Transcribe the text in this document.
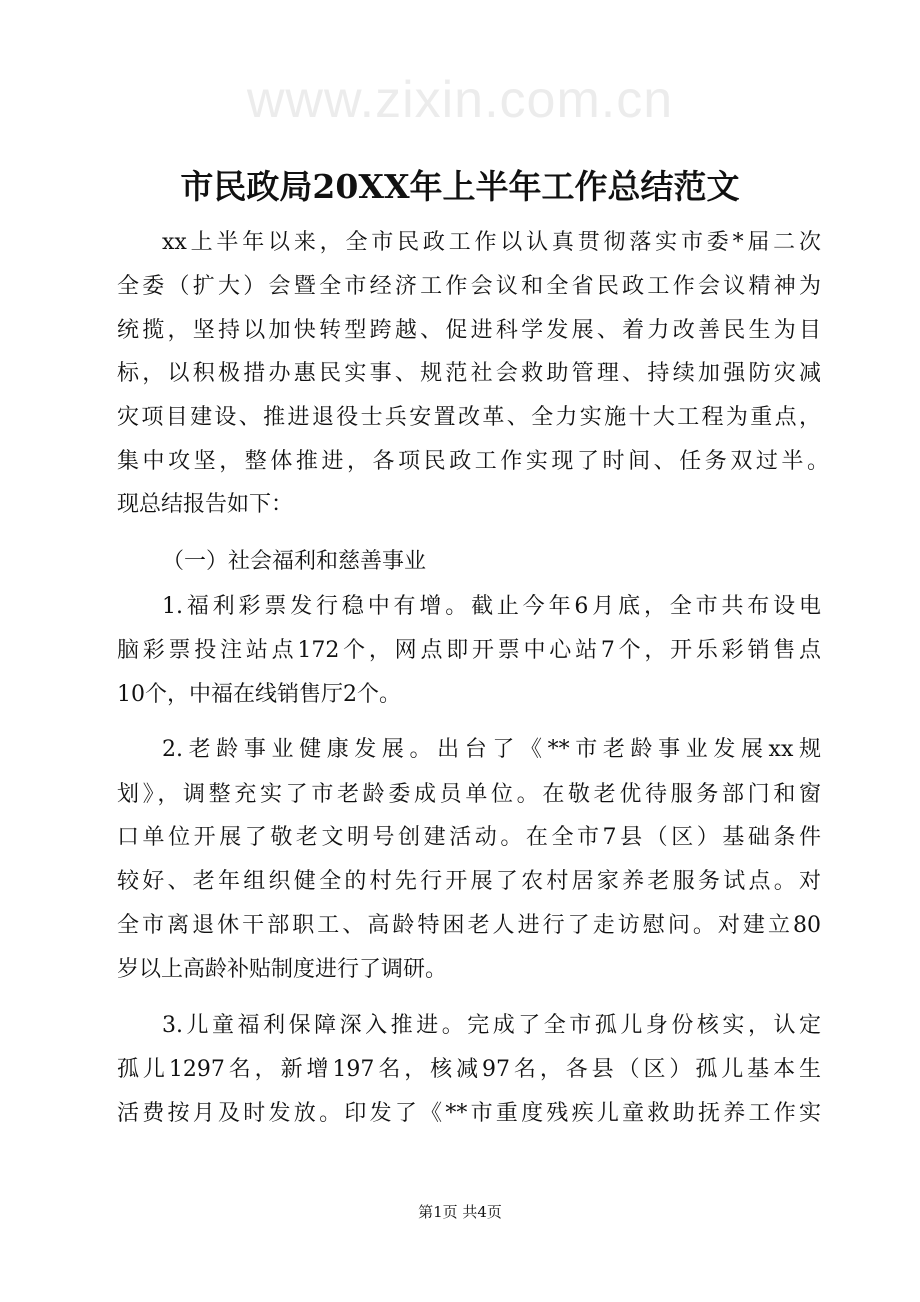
www.zixin.com.cn
市民政局20XX年上半年工作总结范文
xx上半年以来，全市民政工作以认真贯彻落实市委*届二次
全委（扩大）会暨全市经济工作会议和全省民政工作会议精神为
统揽，坚持以加快转型跨越、促进科学发展、着力改善民生为目
标，以积极措办惠民实事、规范社会救助管理、持续加强防灾减
灾项目建设、推进退役士兵安置改革、全力实施十大工程为重点，
集中攻坚，整体推进，各项民政工作实现了时间、任务双过半。
现总结报告如下：
（一）社会福利和慈善事业
1.福利彩票发行稳中有增。截止今年6月底，全市共布设电
脑彩票投注站点172个，网点即开票中心站7个，开乐彩销售点
10个，中福在线销售厅2个。
2.老龄事业健康发展。出台了《**市老龄事业发展xx规
划》，调整充实了市老龄委成员单位。在敬老优待服务部门和窗
口单位开展了敬老文明号创建活动。在全市7县（区）基础条件
较好、老年组织健全的村先行开展了农村居家养老服务试点。对
全市离退休干部职工、高龄特困老人进行了走访慰问。对建立80
岁以上高龄补贴制度进行了调研。
3.儿童福利保障深入推进。完成了全市孤儿身份核实，认定
孤儿1297名，新增197名，核减97名，各县（区）孤儿基本生
活费按月及时发放。印发了《**市重度残疾儿童救助抚养工作实
第1页 共4页
